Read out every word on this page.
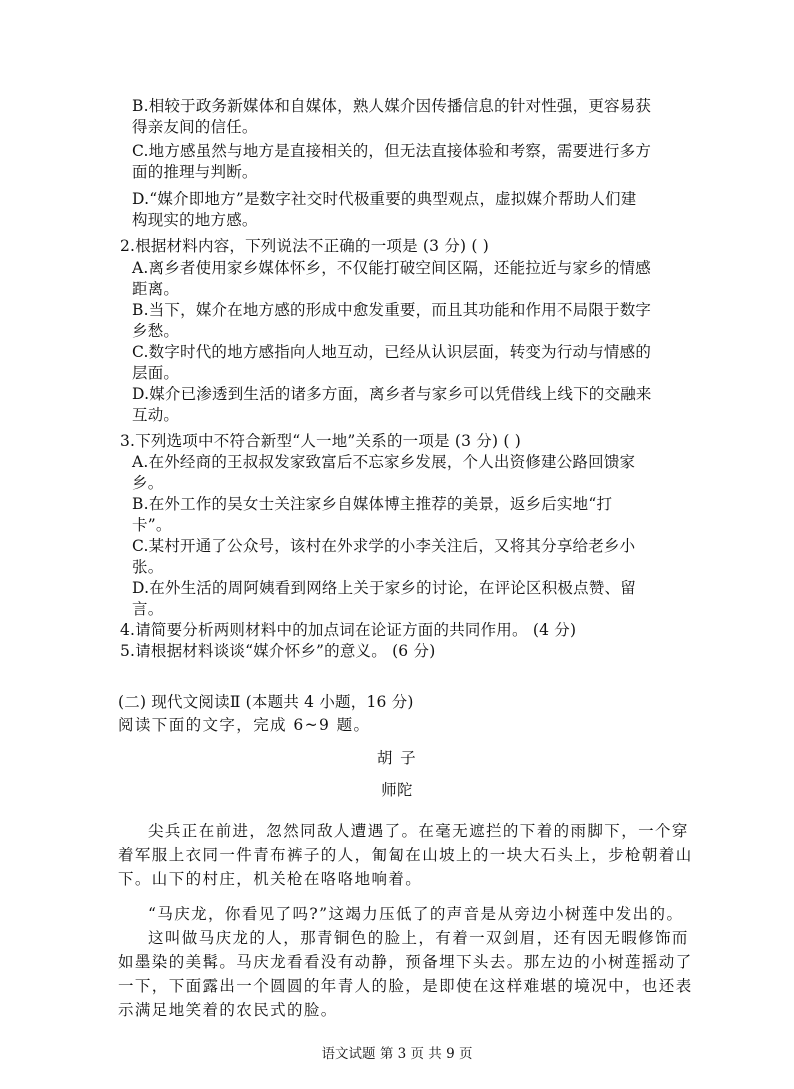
B.相较于政务新媒体和自媒体，熟人媒介因传播信息的针对性强，更容易获
得亲友间的信任。
C.地方感虽然与地方是直接相关的，但无法直接体验和考察，需要进行多方
面的推理与判断。
D.“媒介即地方”是数字社交时代极重要的典型观点，虚拟媒介帮助人们建
构现实的地方感。
2.根据材料内容，下列说法不正确的一项是 (3 分) ( )
A.离乡者使用家乡媒体怀乡，不仅能打破空间区隔，还能拉近与家乡的情感
距离。
B.当下，媒介在地方感的形成中愈发重要，而且其功能和作用不局限于数字
乡愁。
C.数字时代的地方感指向人地互动，已经从认识层面，转变为行动与情感的
层面。
D.媒介已渗透到生活的诸多方面，离乡者与家乡可以凭借线上线下的交融来
互动。
3.下列选项中不符合新型“人一地”关系的一项是 (3 分) ( )
A.在外经商的王叔叔发家致富后不忘家乡发展，个人出资修建公路回馈家
乡。
B.在外工作的吴女士关注家乡自媒体博主推荐的美景，返乡后实地“打
卡”。
C.某村开通了公众号，该村在外求学的小李关注后，又将其分享给老乡小
张。
D.在外生活的周阿姨看到网络上关于家乡的讨论，在评论区积极点赞、留
言。
4.请简要分析两则材料中的加点词在论证方面的共同作用。 (4 分)
5.请根据材料谈谈“媒介怀乡”的意义。 (6 分)
(二) 现代文阅读Ⅱ (本题共 4 小题，16 分)
阅读下面的文字，完成 6~9 题。
胡 子
师陀
尖兵正在前进，忽然同敌人遭遇了。在毫无遮拦的下着的雨脚下，一个穿
着军服上衣同一件青布裤子的人，匍匐在山坡上的一块大石头上，步枪朝着山
下。山下的村庄，机关枪在咯咯地响着。
“马庆龙，你看见了吗?”这竭力压低了的声音是从旁边小树莲中发出的。
这叫做马庆龙的人，那青铜色的脸上，有着一双剑眉，还有因无暇修饰而
如墨染的美髯。马庆龙看看没有动静，预备埋下头去。那左边的小树莲摇动了
一下，下面露出一个圆圆的年青人的脸，是即使在这样难堪的境况中，也还表
示满足地笑着的农民式的脸。
语文试题 第 3 页 共 9 页
